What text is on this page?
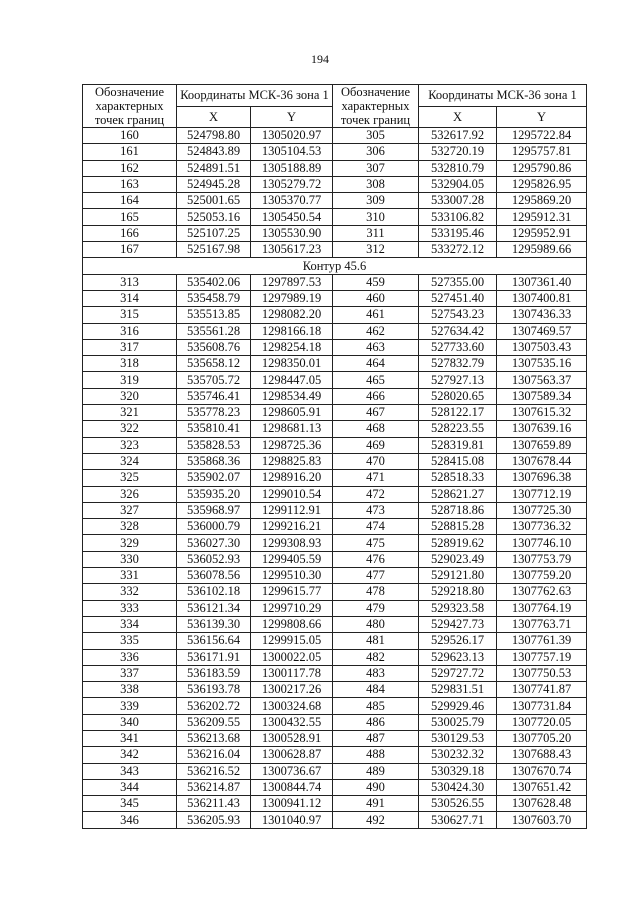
194
Обозначение характерных точек границ	Координаты МСК-36 зона 1		Обозначение характерных точек границ	Координаты МСК-36 зона 1	
	X	Y		X	Y
160	524798.80	1305020.97	305	532617.92	1295722.84
161	524843.89	1305104.53	306	532720.19	1295757.81
162	524891.51	1305188.89	307	532810.79	1295790.86
163	524945.28	1305279.72	308	532904.05	1295826.95
164	525001.65	1305370.77	309	533007.28	1295869.20
165	525053.16	1305450.54	310	533106.82	1295912.31
166	525107.25	1305530.90	311	533195.46	1295952.91
167	525167.98	1305617.23	312	533272.12	1295989.66
Контур 45.6					
313	535402.06	1297897.53	459	527355.00	1307361.40
314	535458.79	1297989.19	460	527451.40	1307400.81
315	535513.85	1298082.20	461	527543.23	1307436.33
316	535561.28	1298166.18	462	527634.42	1307469.57
317	535608.76	1298254.18	463	527733.60	1307503.43
318	535658.12	1298350.01	464	527832.79	1307535.16
319	535705.72	1298447.05	465	527927.13	1307563.37
320	535746.41	1298534.49	466	528020.65	1307589.34
321	535778.23	1298605.91	467	528122.17	1307615.32
322	535810.41	1298681.13	468	528223.55	1307639.16
323	535828.53	1298725.36	469	528319.81	1307659.89
324	535868.36	1298825.83	470	528415.08	1307678.44
325	535902.07	1298916.20	471	528518.33	1307696.38
326	535935.20	1299010.54	472	528621.27	1307712.19
327	535968.97	1299112.91	473	528718.86	1307725.30
328	536000.79	1299216.21	474	528815.28	1307736.32
329	536027.30	1299308.93	475	528919.62	1307746.10
330	536052.93	1299405.59	476	529023.49	1307753.79
331	536078.56	1299510.30	477	529121.80	1307759.20
332	536102.18	1299615.77	478	529218.80	1307762.63
333	536121.34	1299710.29	479	529323.58	1307764.19
334	536139.30	1299808.66	480	529427.73	1307763.71
335	536156.64	1299915.05	481	529526.17	1307761.39
336	536171.91	1300022.05	482	529623.13	1307757.19
337	536183.59	1300117.78	483	529727.72	1307750.53
338	536193.78	1300217.26	484	529831.51	1307741.87
339	536202.72	1300324.68	485	529929.46	1307731.84
340	536209.55	1300432.55	486	530025.79	1307720.05
341	536213.68	1300528.91	487	530129.53	1307705.20
342	536216.04	1300628.87	488	530232.32	1307688.43
343	536216.52	1300736.67	489	530329.18	1307670.74
344	536214.87	1300844.74	490	530424.30	1307651.42
345	536211.43	1300941.12	491	530526.55	1307628.48
346	536205.93	1301040.97	492	530627.71	1307603.70
